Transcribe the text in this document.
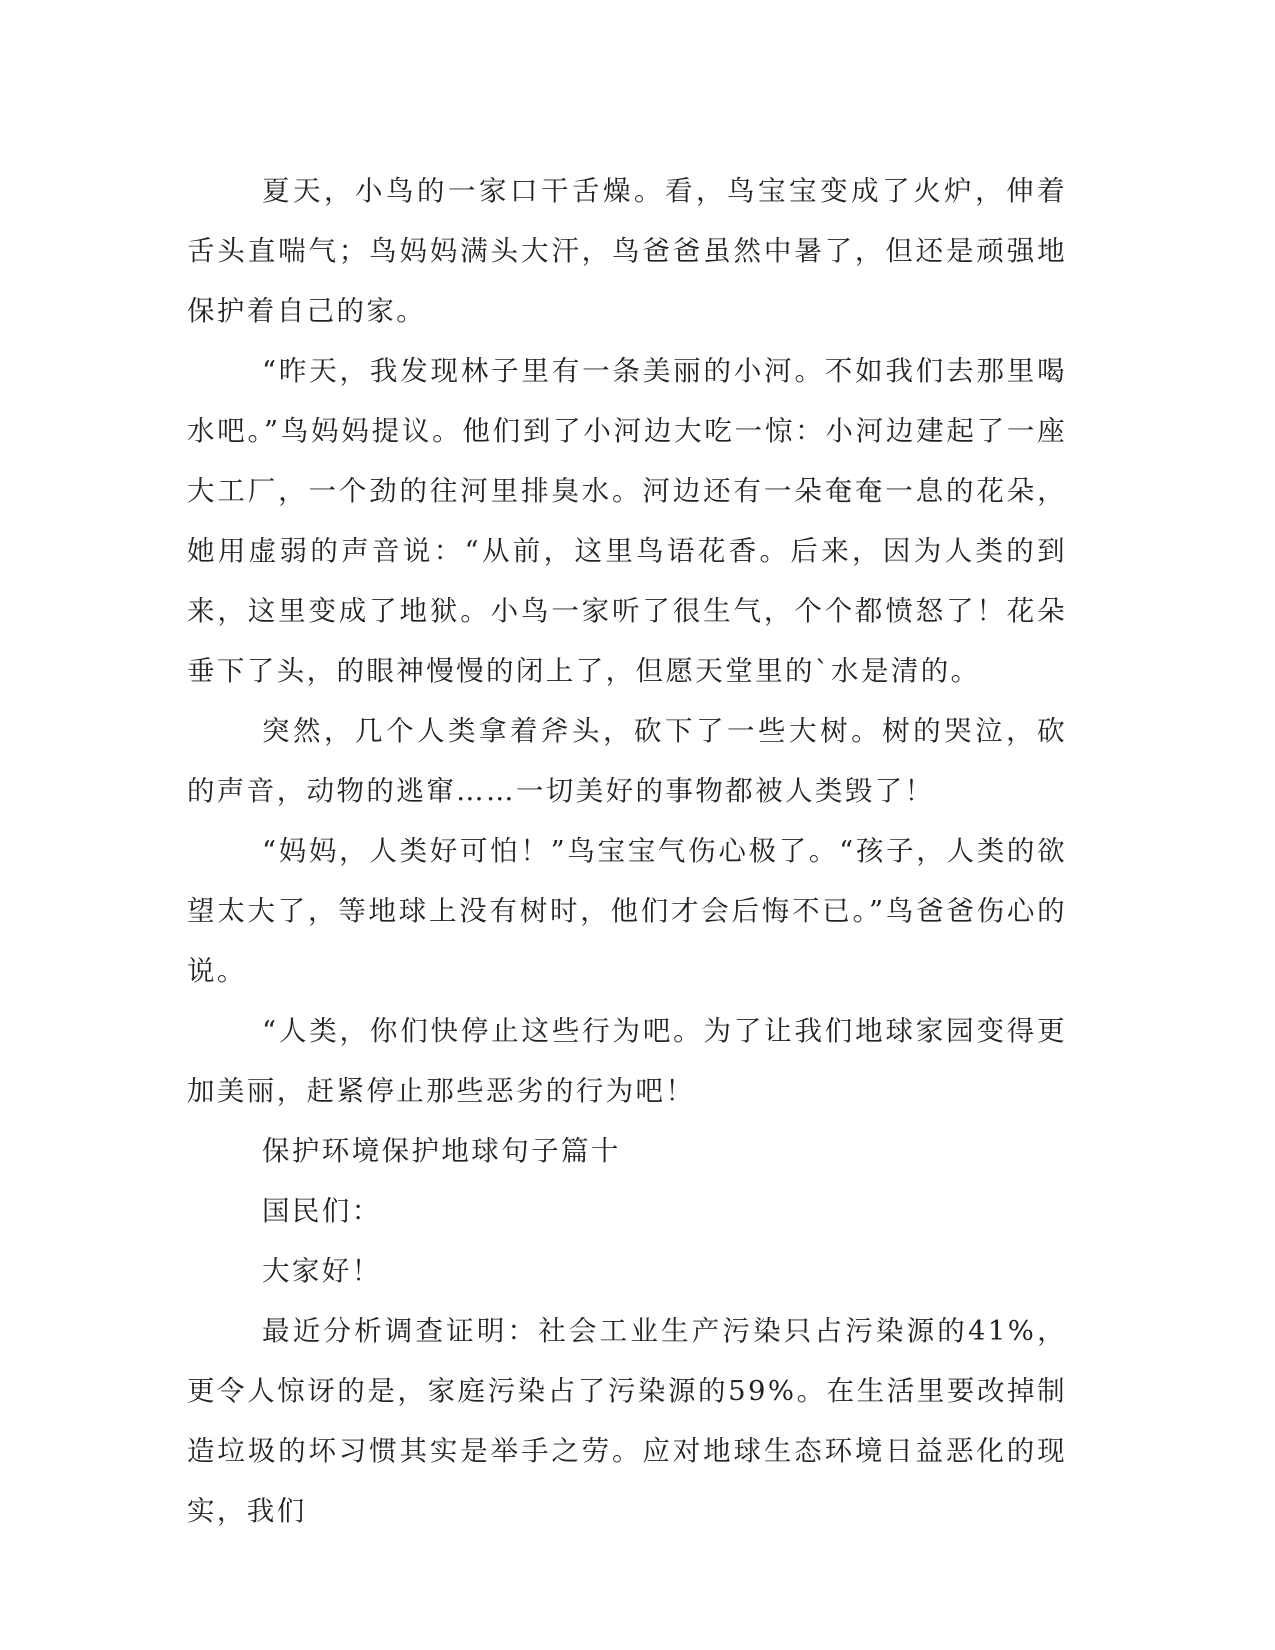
夏天，小鸟的一家口干舌燥。看，鸟宝宝变成了火炉，伸着舌头直喘气；鸟妈妈满头大汗，鸟爸爸虽然中暑了，但还是顽强地保护着自己的家。

“昨天，我发现林子里有一条美丽的小河。不如我们去那里喝水吧。”鸟妈妈提议。他们到了小河边大吃一惊：小河边建起了一座大工厂，一个劲的往河里排臭水。河边还有一朵奄奄一息的花朵，她用虚弱的声音说：“从前，这里鸟语花香。后来，因为人类的到来，这里变成了地狱。小鸟一家听了很生气，个个都愤怒了！花朵垂下了头，的眼神慢慢的闭上了，但愿天堂里的`水是清的。

突然，几个人类拿着斧头，砍下了一些大树。树的哭泣，砍的声音，动物的逃窜……一切美好的事物都被人类毁了！

“妈妈，人类好可怕！”鸟宝宝气伤心极了。“孩子，人类的欲望太大了，等地球上没有树时，他们才会后悔不已。”鸟爸爸伤心的说。

“人类，你们快停止这些行为吧。为了让我们地球家园变得更加美丽，赶紧停止那些恶劣的行为吧！

保护环境保护地球句子篇十

国民们：

大家好！

最近分析调查证明：社会工业生产污染只占污染源的41%，更令人惊讶的是，家庭污染占了污染源的59%。在生活里要改掉制造垃圾的坏习惯其实是举手之劳。应对地球生态环境日益恶化的现实，我们
